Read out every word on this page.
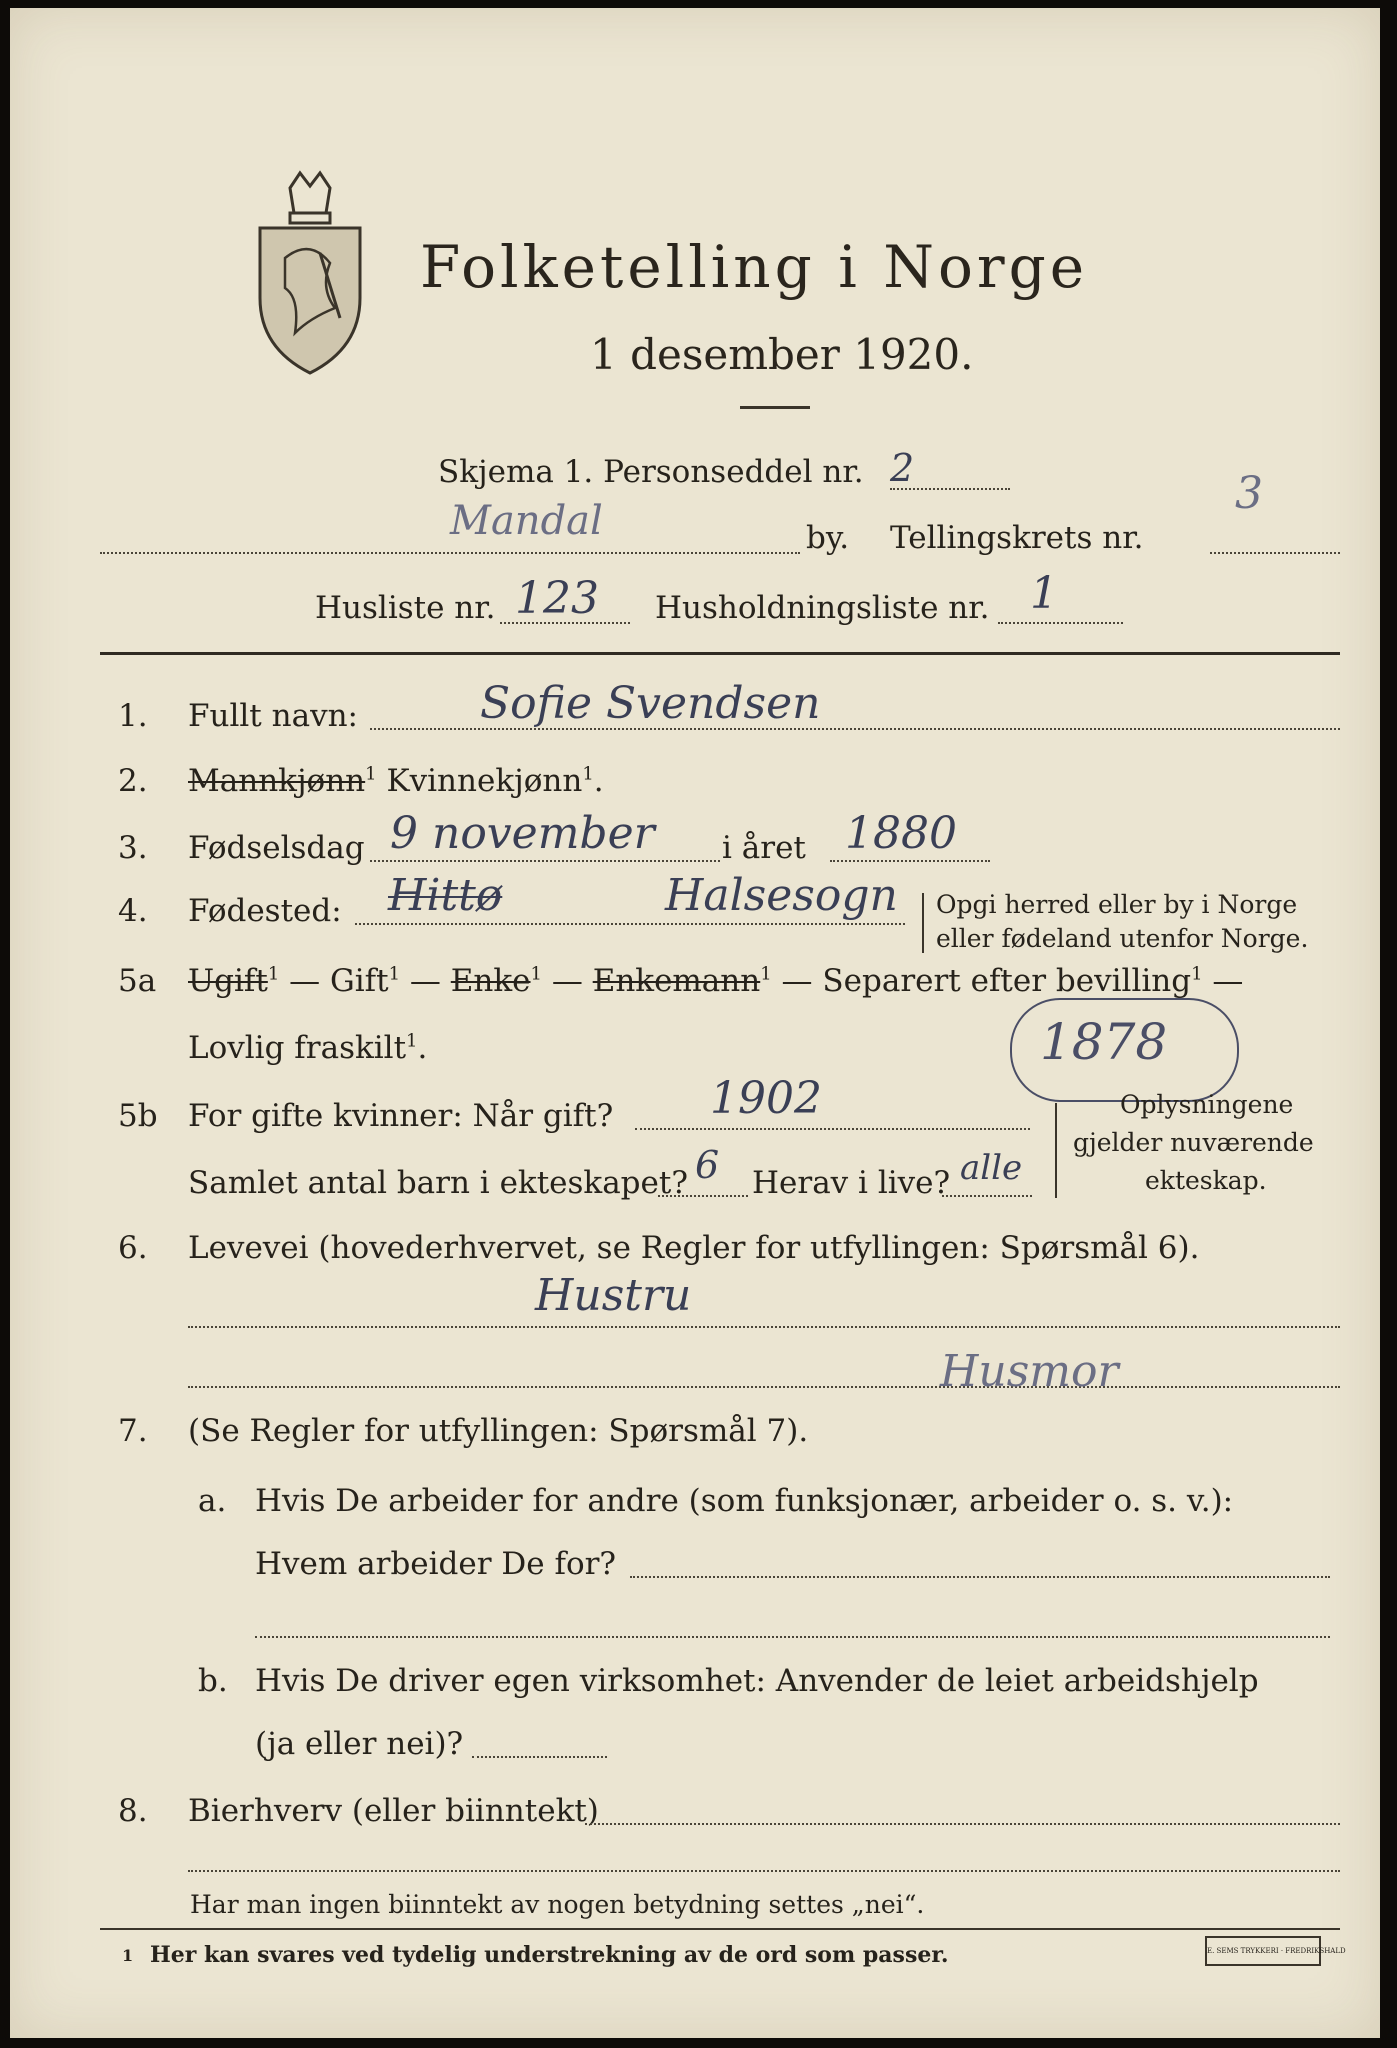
Folketelling i Norge
1 desember 1920.
Skjema 1. Personseddel nr. 2
Mandal	by. Tellingskrets nr.
3
Husliste nr. 123 Husholdningsliste nr. 1
1. Fullt navn:	Sofie Svendsen
2. Mannkjønn$^1$ Kvinnekjønn$^1$.
3. Fødselsdag 9 november i året 1880
4. Fødested: Hittø	Halsesogn Opgi herred eller by i Norge
eller fødeland utenfor Norge.
5a Ugift$^1$ — Gift$^1$ — Enke$^1$ — Enkemann$^1$ — Separert efter bevilling$^1$ —
Lovlig fraskilt$^1$.	1878
5b For gifte kvinner: Når gift? 1902
Samlet antal barn i ekteskapet? 6 Herav i live? alle
Oplysningene
gjelder nuværende
ekteskap.
6. Levevei (hovederhvervet, se Regler for utfyllingen: Spørsmål 6).
Hustru
Husmor
7. (Se Regler for utfyllingen: Spørsmål 7).
a. Hvis De arbeider for andre (som funksjonær, arbeider o. s. v.):
Hvem arbeider De for?
b. Hvis De driver egen virksomhet: Anvender de leiet arbeidshjelp
(ja eller nei)?
8. Bierhverv (eller biinntekt)
Har man ingen biinntekt av nogen betydning settes „nei“.
1 Her kan svares ved tydelig understrekning av de ord som passer.	E. SEMS TRYKKERI · FREDRIKSHALD
